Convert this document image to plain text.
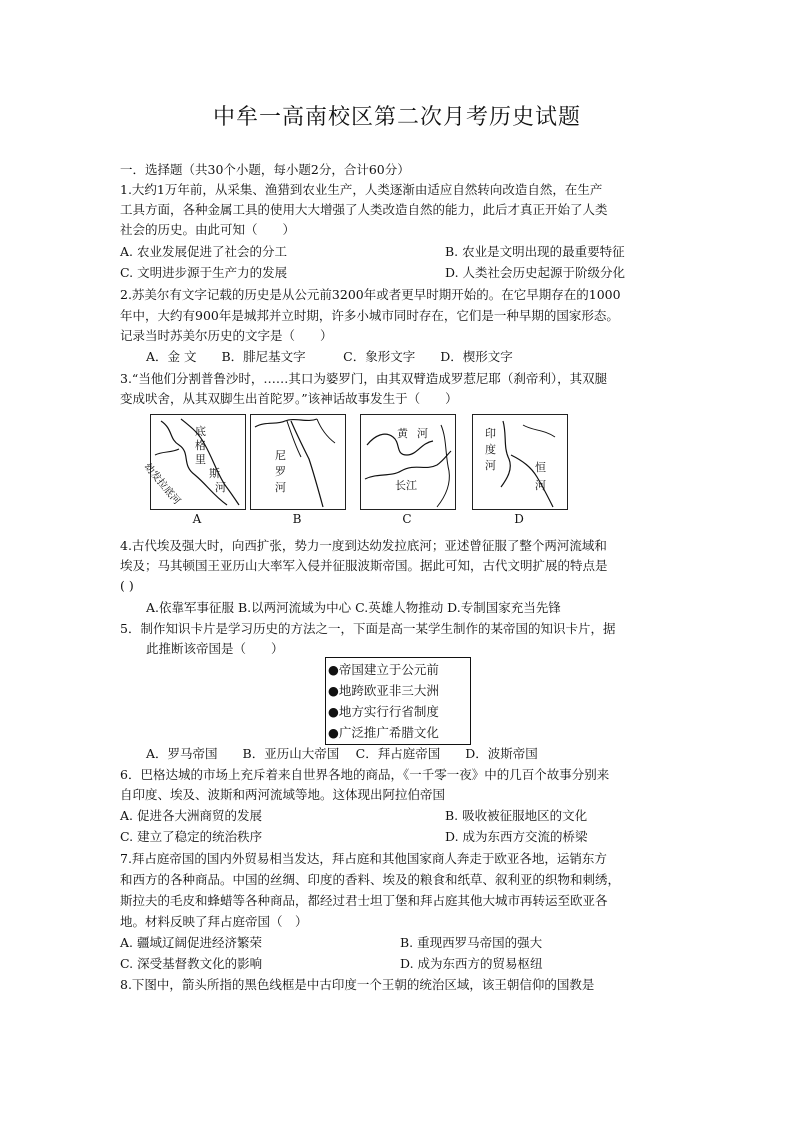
中牟一高南校区第二次月考历史试题
一．选择题（共30个小题，每小题2分，合计60分）
1.大约1万年前，从采集、渔猎到农业生产，人类逐渐由适应自然转向改造自然，在生产
工具方面，各种金属工具的使用大大增强了人类改造自然的能力，此后才真正开始了人类
社会的历史。由此可知（　　）
A. 农业发展促进了社会的分工	B. 农业是文明出现的最重要特征
C. 文明进步源于生产力的发展	D. 人类社会历史起源于阶级分化
2.苏美尔有文字记载的历史是从公元前3200年或者更早时期开始的。在它早期存在的1000
年中，大约有900年是城邦并立时期，许多小城市同时存在，它们是一种早期的国家形态。
记录当时苏美尔历史的文字是（　　）
A．金 文　　B．腓尼基文字　　　C．象形文字　　D．楔形文字
3.“当他们分割普鲁沙时，……其口为婆罗门，由其双臂造成罗惹尼耶（刹帝利），其双腿
变成吠舍，从其双脚生出首陀罗。”该神话故事发生于（　　）
底
格
里
斯
河
幼发拉底河
A
尼
罗
河
B
黄 河
长江
C
印
度
河	恒
河
D
4.古代埃及强大时，向西扩张，势力一度到达幼发拉底河；亚述曾征服了整个两河流域和
埃及；马其顿国王亚历山大率军入侵并征服波斯帝国。据此可知，古代文明扩展的特点是
( )
A.依靠军事征服 B.以两河流域为中心 C.英雄人物推动 D.专制国家充当先锋
5．制作知识卡片是学习历史的方法之一，下面是高一某学生制作的某帝国的知识卡片，据
此推断该帝国是（　　）
●帝国建立于公元前
●地跨欧亚非三大洲
●地方实行行省制度
●广泛推广希腊文化
A．罗马帝国　　B．亚历山大帝国　 C．拜占庭帝国　　D．波斯帝国
6．巴格达城的市场上充斥着来自世界各地的商品，《一千零一夜》中的几百个故事分别来
自印度、埃及、波斯和两河流域等地。这体现出阿拉伯帝国
A. 促进各大洲商贸的发展	B. 吸收被征服地区的文化
C. 建立了稳定的统治秩序	D. 成为东西方交流的桥梁
7.拜占庭帝国的国内外贸易相当发达，拜占庭和其他国家商人奔走于欧亚各地，运销东方
和西方的各种商品。中国的丝绸、印度的香料、埃及的粮食和纸草、叙利亚的织物和刺绣，
斯拉夫的毛皮和蜂蜡等各种商品，都经过君士坦丁堡和拜占庭其他大城市再转运至欧亚各
地。材料反映了拜占庭帝国（　）
A. 疆域辽阔促进经济繁荣	B. 重现西罗马帝国的强大
C. 深受基督教文化的影响	D. 成为东西方的贸易枢纽
8.下图中，箭头所指的黑色线框是中古印度一个王朝的统治区域，该王朝信仰的国教是
